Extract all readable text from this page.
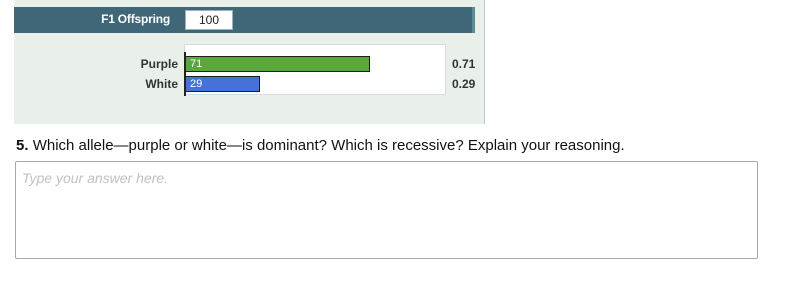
F1 Offspring	100
Purple 71	0.71
White 29	0.29
5. Which allele—purple or white—is dominant? Which is recessive? Explain your reasoning.
Type your answer here.
